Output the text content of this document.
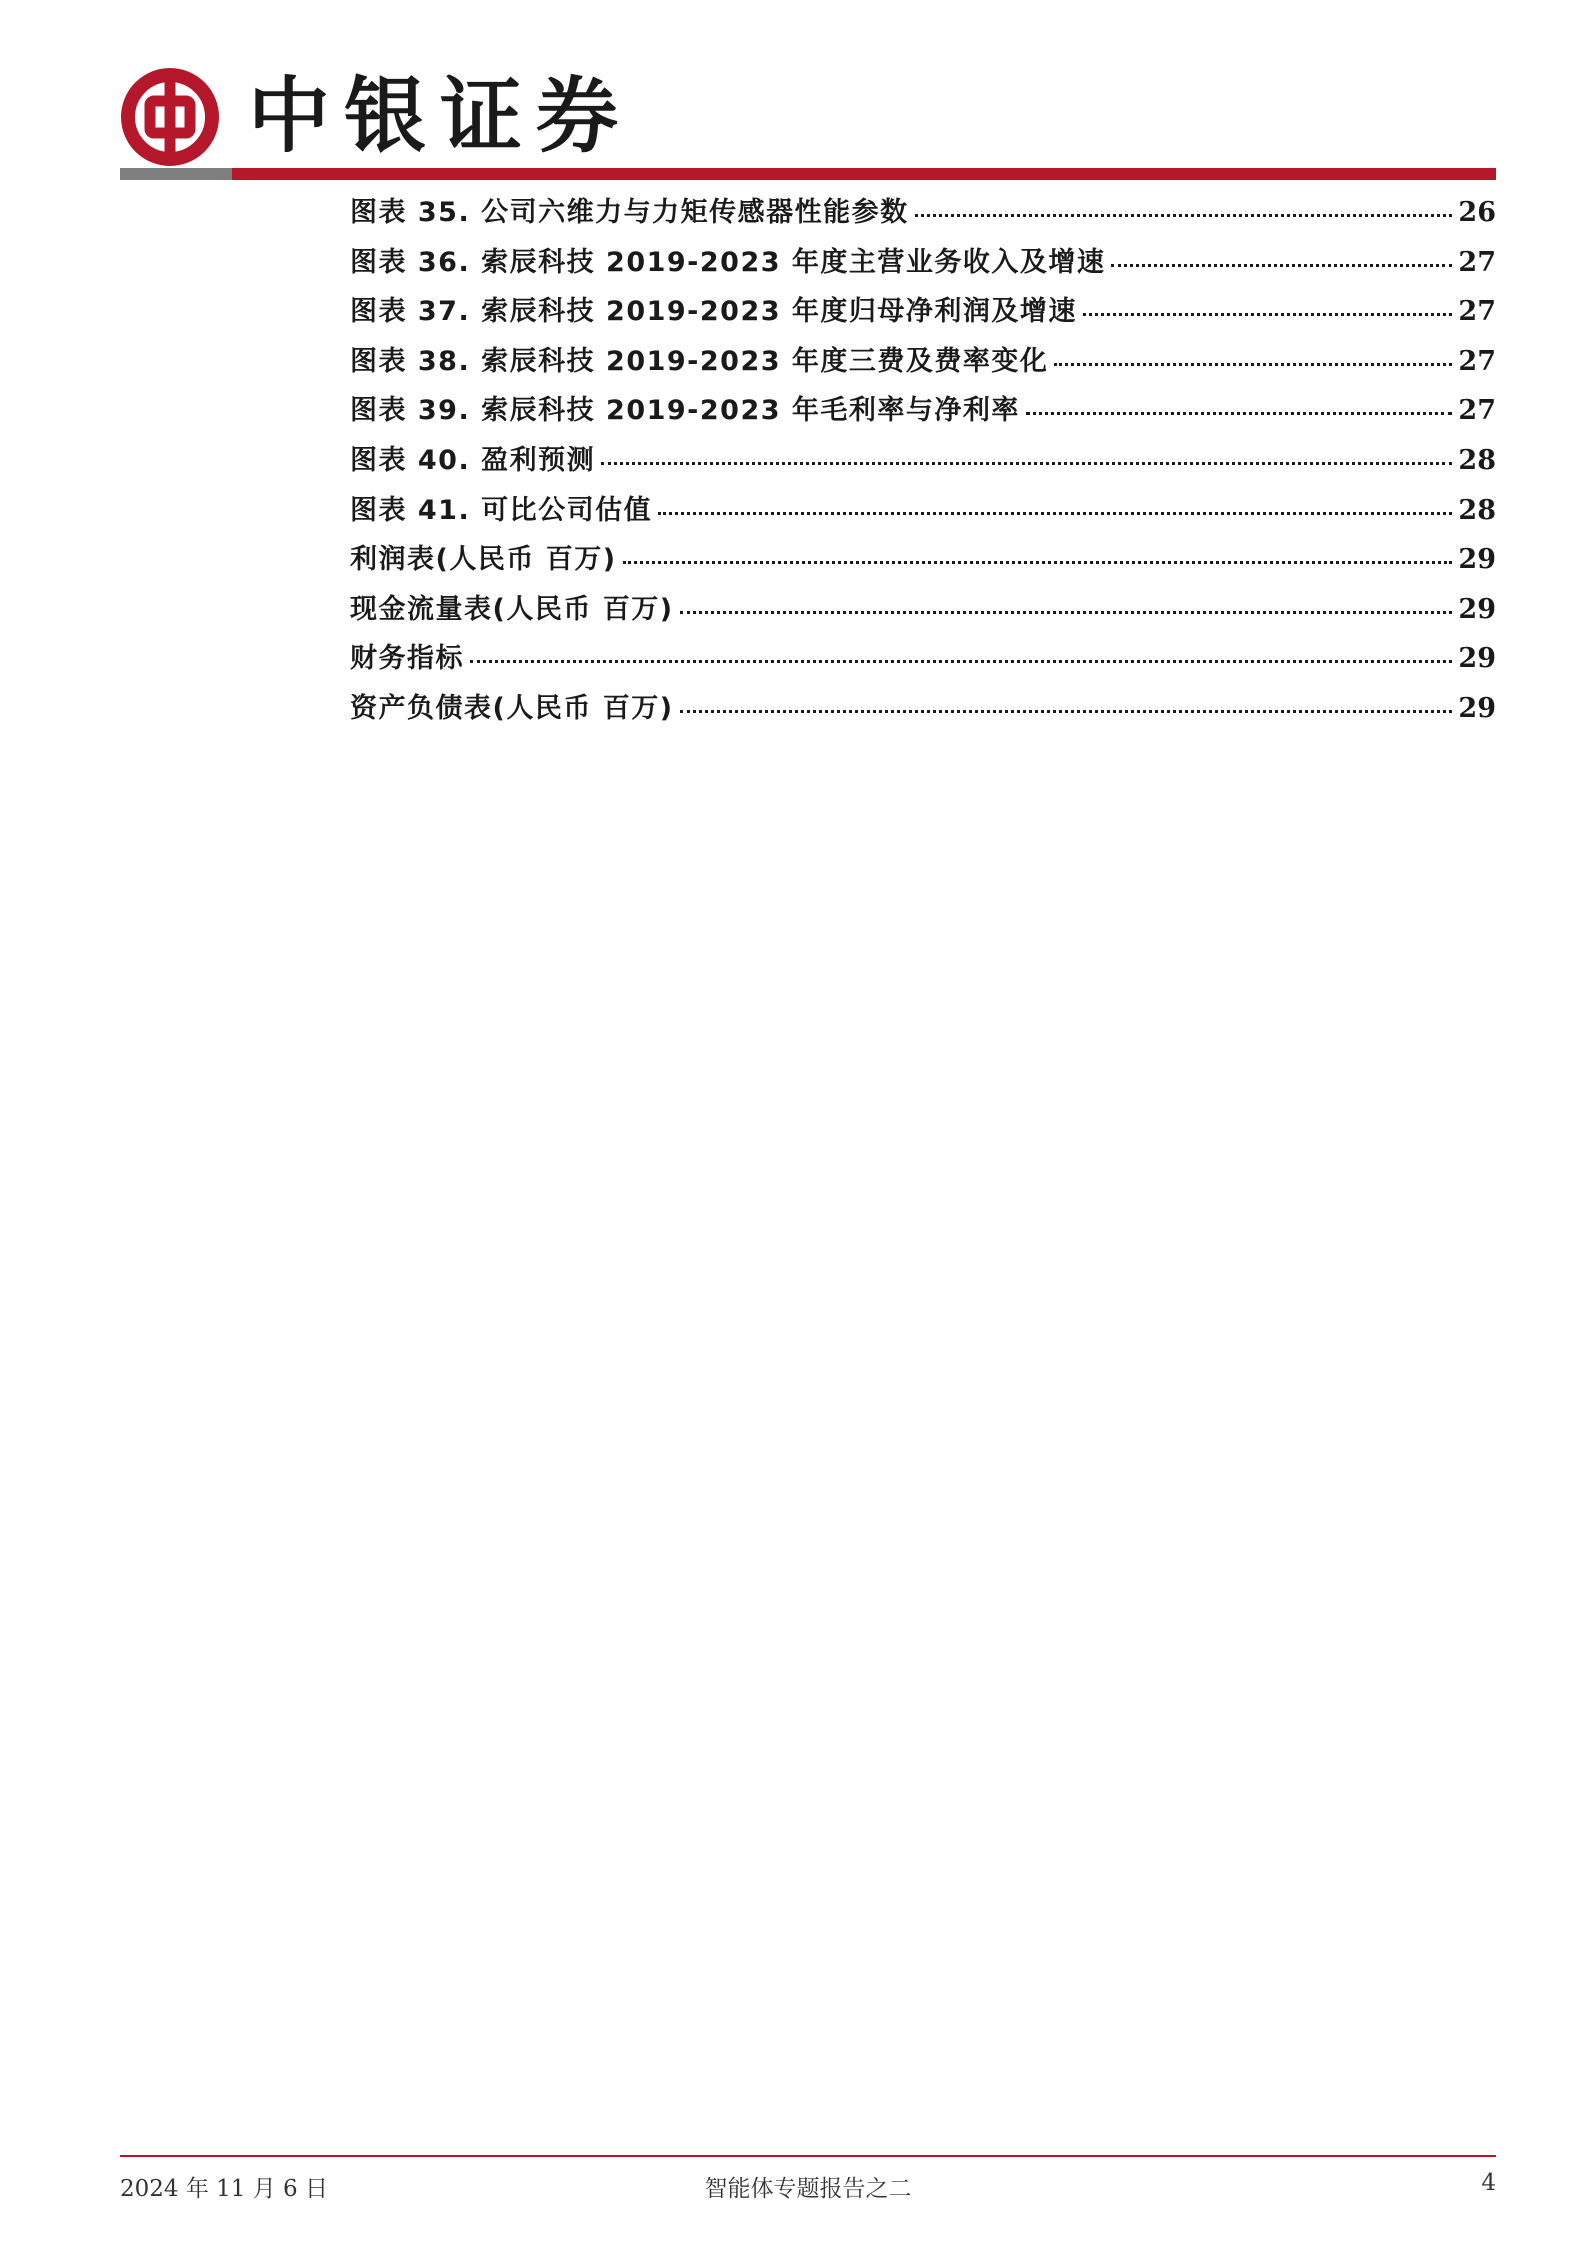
中银证券
图表 35. 公司六维力与力矩传感器性能参数	26
图表 36. 索辰科技 2019-2023 年度主营业务收入及增速	27
图表 37. 索辰科技 2019-2023 年度归母净利润及增速	27
图表 38. 索辰科技 2019-2023 年度三费及费率变化	27
图表 39. 索辰科技 2019-2023 年毛利率与净利率	27
图表 40. 盈利预测	28
图表 41. 可比公司估值	28
利润表(人民币 百万)	29
现金流量表(人民币 百万)	29
财务指标	29
资产负债表(人民币 百万)	29
2024 年 11 月 6 日	智能体专题报告之二	4
